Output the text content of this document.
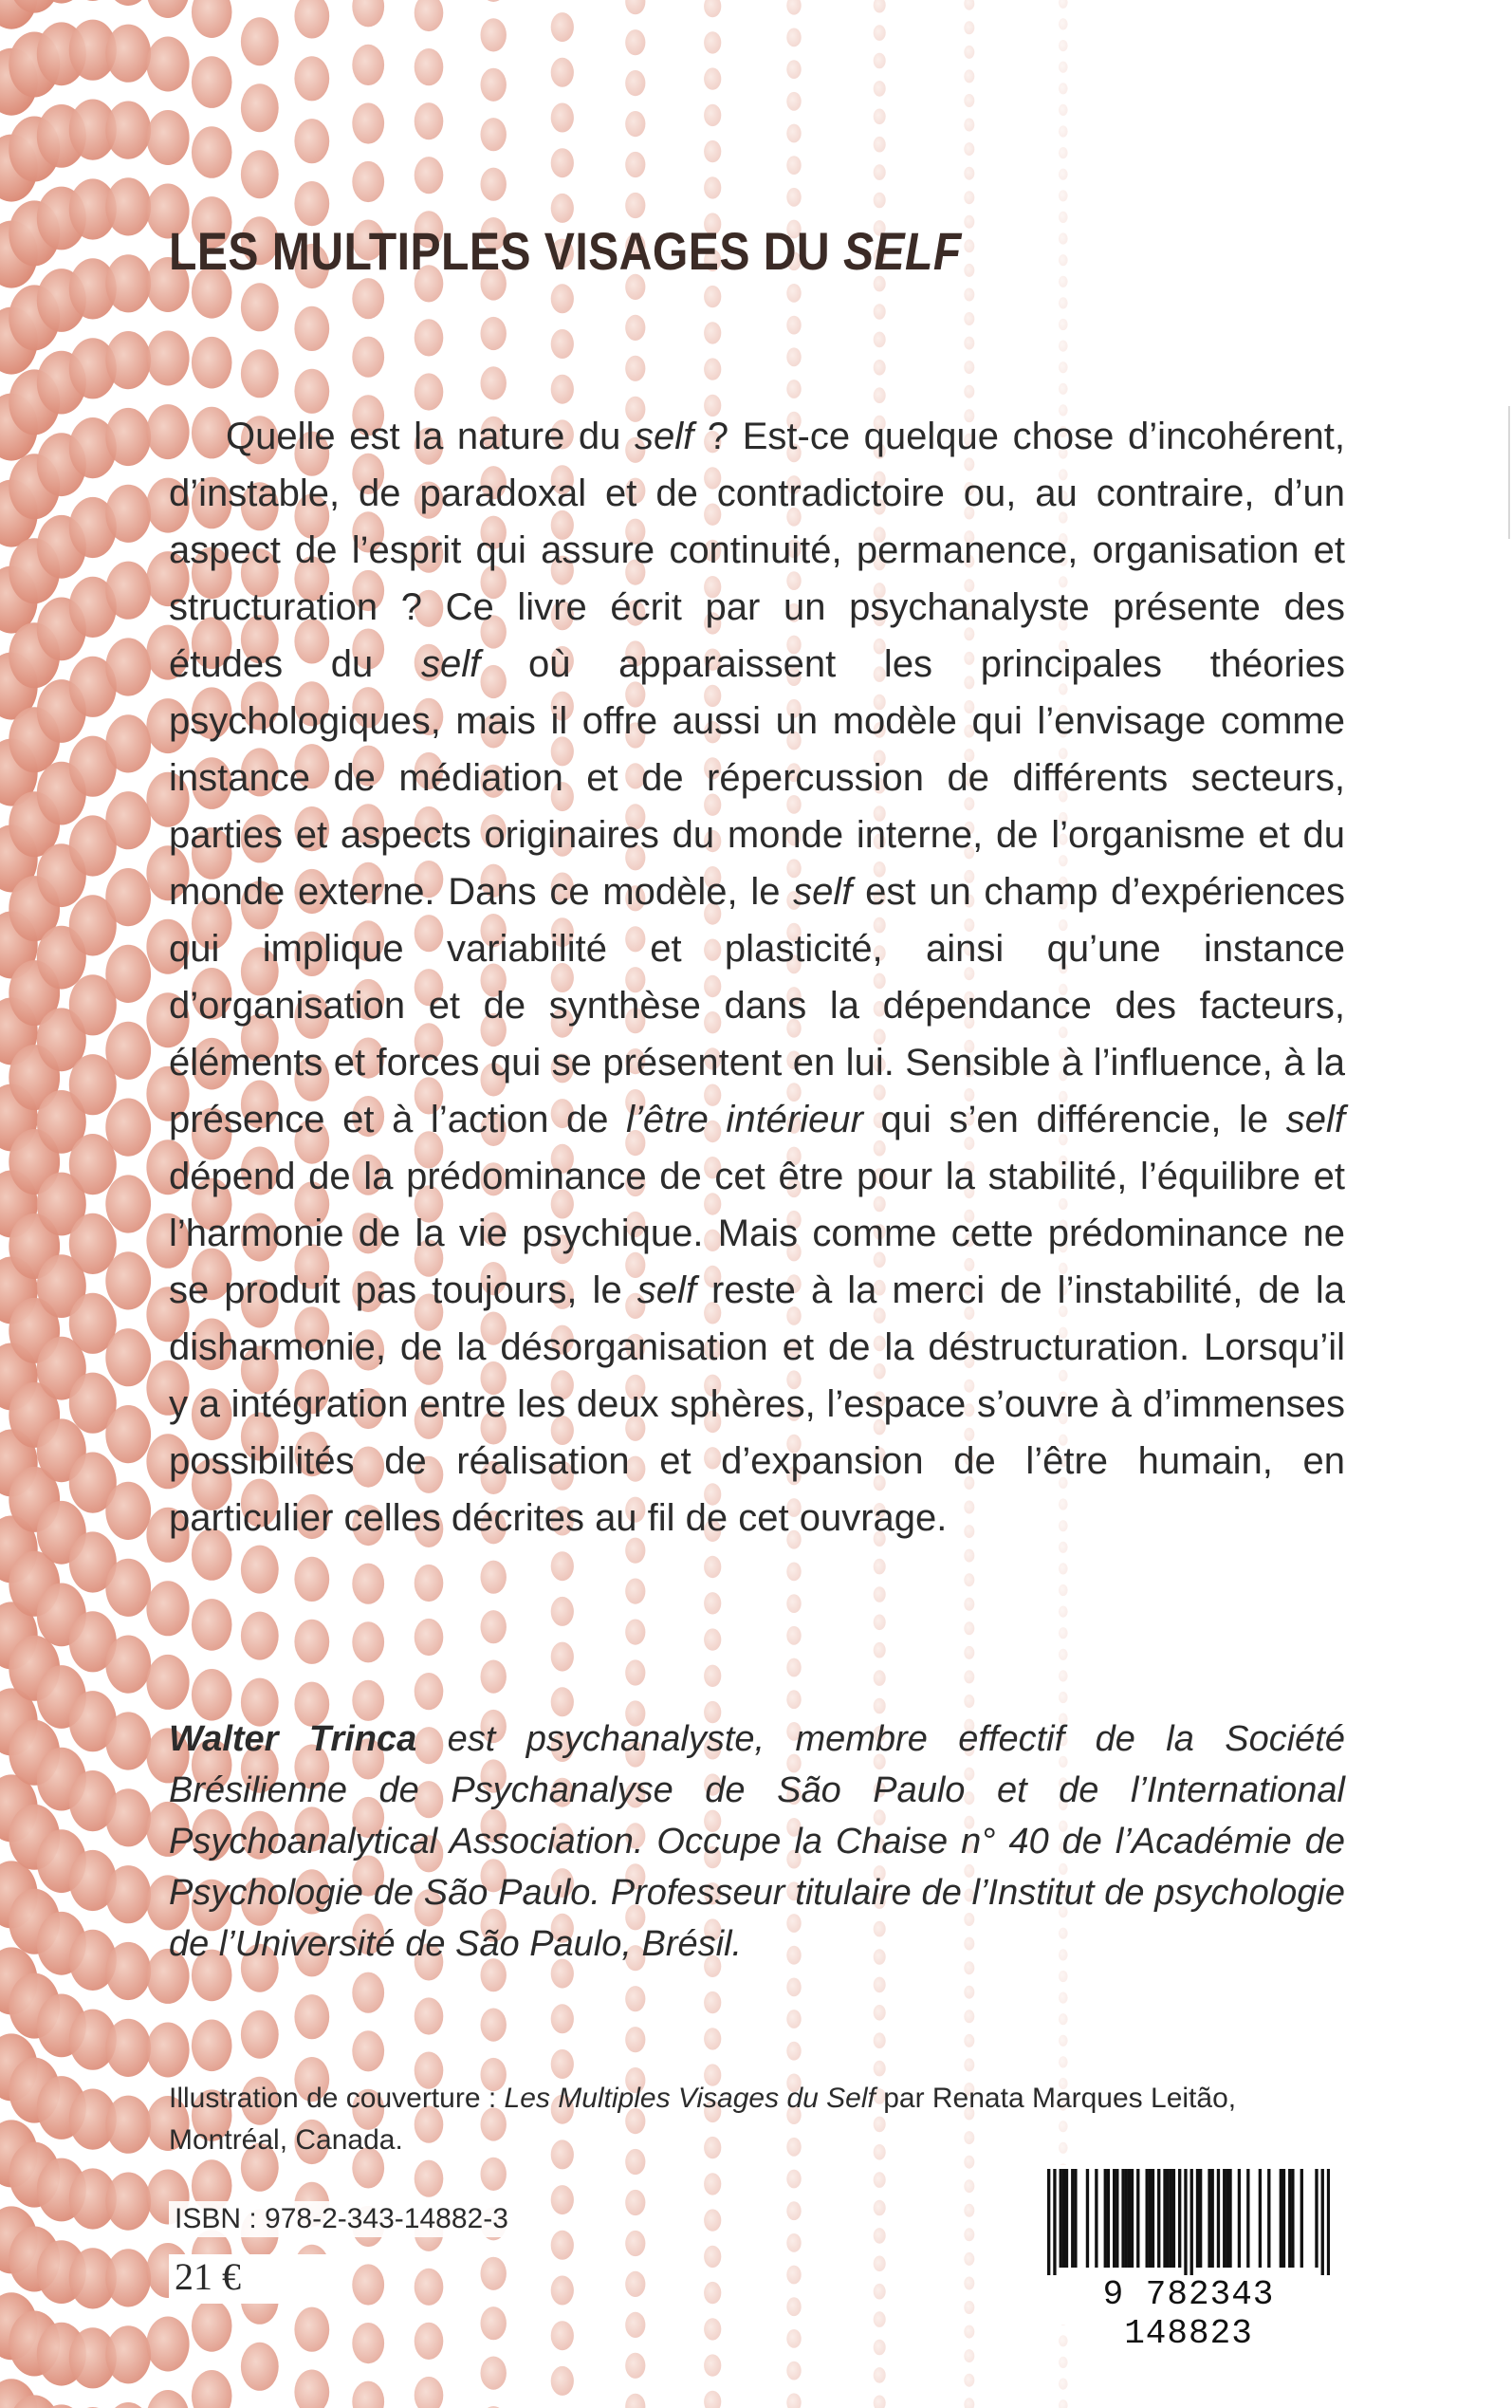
LES MULTIPLES VISAGES DU SELF

Quelle est la nature du self ? Est-ce quelque chose d’incohérent, d’instable, de paradoxal et de contradictoire ou, au contraire, d’un aspect de l’esprit qui assure continuité, permanence, organisation et structuration ? Ce livre écrit par un psychanalyste présente des études du self où apparaissent les principales théories psychologiques, mais il offre aussi un modèle qui l’envisage comme instance de médiation et de répercussion de différents secteurs, parties et aspects originaires du monde interne, de l’organisme et du monde externe. Dans ce modèle, le self est un champ d’expériences qui implique variabilité et plasticité, ainsi qu’une instance d’organisation et de synthèse dans la dépendance des facteurs, éléments et forces qui se présentent en lui. Sensible à l’influence, à la présence et à l’action de l’être intérieur qui s’en différencie, le self dépend de la prédominance de cet être pour la stabilité, l’équilibre et l’harmonie de la vie psychique. Mais comme cette prédominance ne se produit pas toujours, le self reste à la merci de l’instabilité, de la disharmonie, de la désorganisation et de la déstructuration. Lorsqu’il y a intégration entre les deux sphères, l’espace s’ouvre à d’immenses possibilités de réalisation et d’expansion de l’être humain, en particulier celles décrites au fil de cet ouvrage.

Walter Trinca est psychanalyste, membre effectif de la Société Brésilienne de Psychanalyse de São Paulo et de l’International Psychoanalytical Association. Occupe la Chaise n° 40 de l’Académie de Psychologie de São Paulo. Professeur titulaire de l’Institut de psychologie de l’Université de São Paulo, Brésil.
Illustration de couverture : Les Multiples Visages du Self par Renata Marques Leitão,
Montréal, Canada.
ISBN : 978-2-343-14882-3
21 €	9 782343 148823
